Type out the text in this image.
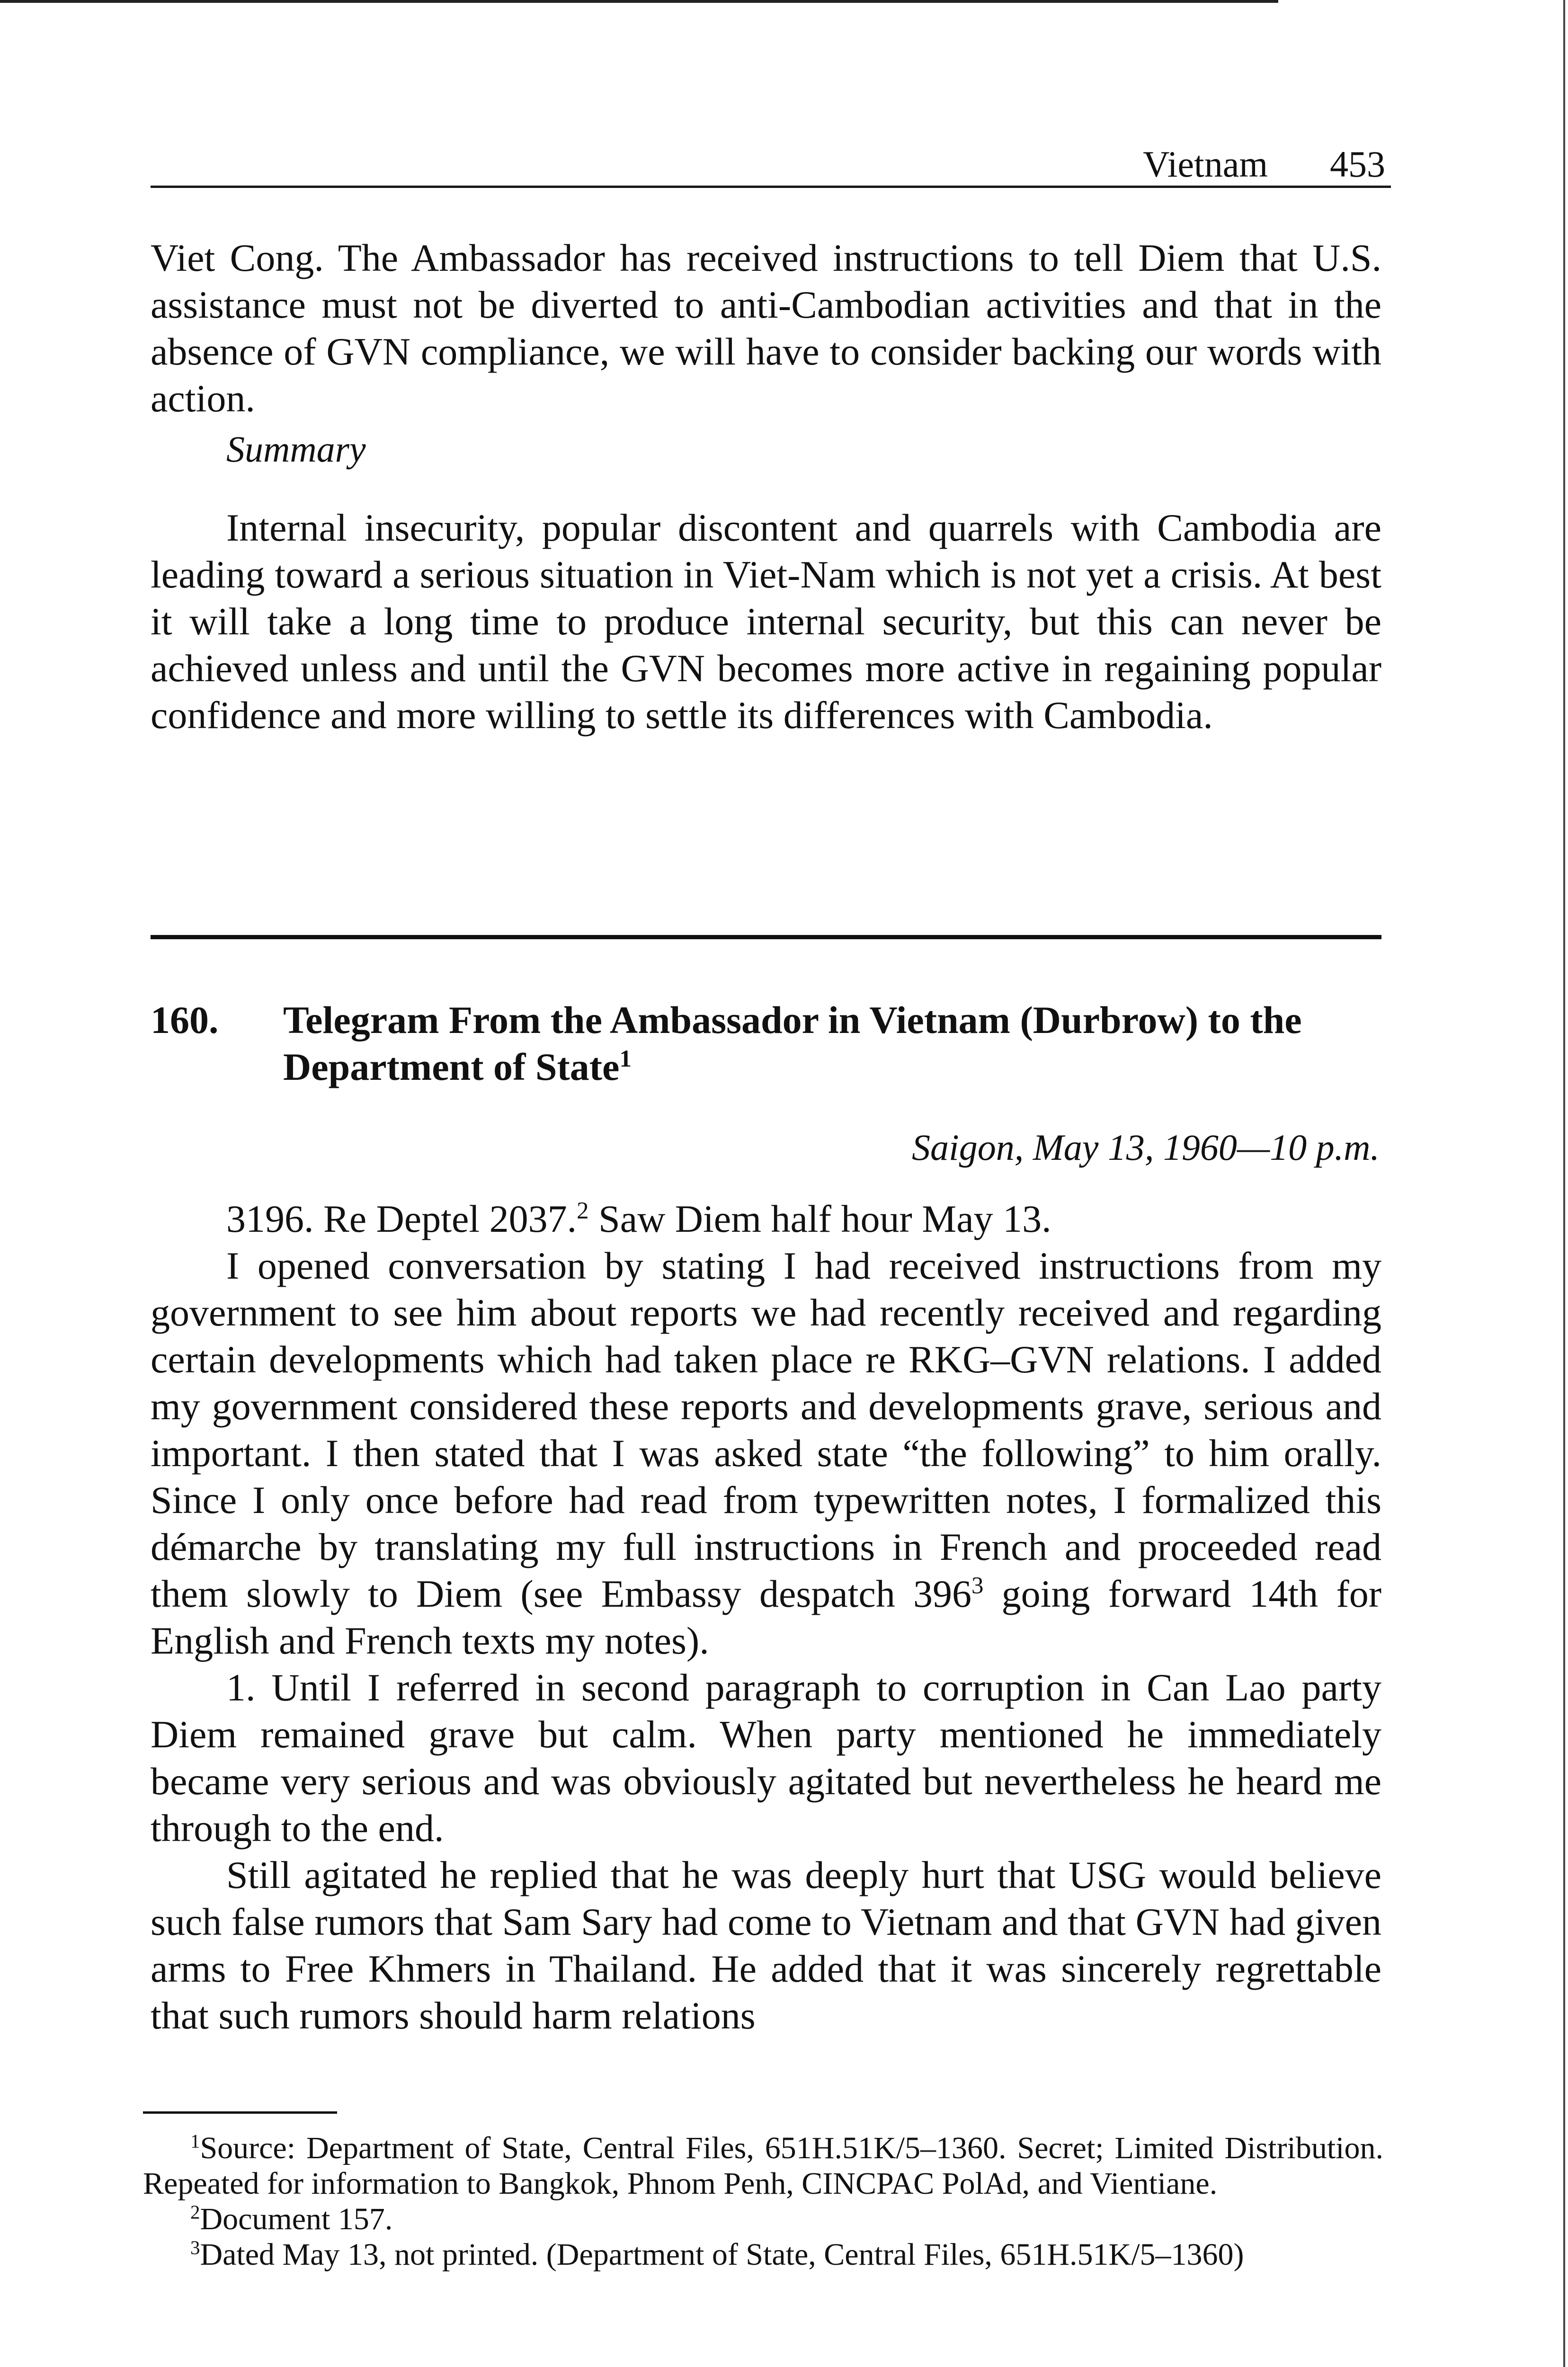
Vietnam 453

Viet Cong. The Ambassador has received instructions to tell Diem that U.S. assistance must not be diverted to anti-Cambodian activities and that in the absence of GVN compliance, we will have to consider backing our words with action.

Summary

Internal insecurity, popular discontent and quarrels with Cambodia are leading toward a serious situation in Viet-Nam which is not yet a crisis. At best it will take a long time to produce internal security, but this can never be achieved unless and until the GVN becomes more active in regaining popular confidence and more willing to settle its differences with Cambodia.

160. Telegram From the Ambassador in Vietnam (Durbrow) to the Department of State$^1$
Saigon, May 13, 1960—10 p.m.

3196. Re Deptel 2037.$^2$ Saw Diem half hour May 13.

I opened conversation by stating I had received instructions from my government to see him about reports we had recently received and regarding certain developments which had taken place re RKG–GVN relations. I added my government considered these reports and developments grave, serious and important. I then stated that I was asked state “the following” to him orally. Since I only once before had read from typewritten notes, I formalized this démarche by translating my full instructions in French and proceeded read them slowly to Diem (see Embassy despatch $396^3$ going forward 14th for English and French texts my notes).

1. Until I referred in second paragraph to corruption in Can Lao party Diem remained grave but calm. When party mentioned he immediately became very serious and was obviously agitated but nevertheless he heard me through to the end.

Still agitated he replied that he was deeply hurt that USG would believe such false rumors that Sam Sary had come to Vietnam and that GVN had given arms to Free Khmers in Thailand. He added that it was sincerely regrettable that such rumors should harm relations

$^1$Source: Department of State, Central Files, 651H.51K/5–1360. Secret; Limited Distribution. Repeated for information to Bangkok, Phnom Penh, CINCPAC PolAd, and Vientiane.

$^2$Document 157.

$^3$Dated May 13, not printed. (Department of State, Central Files, 651H.51K/5–1360)
